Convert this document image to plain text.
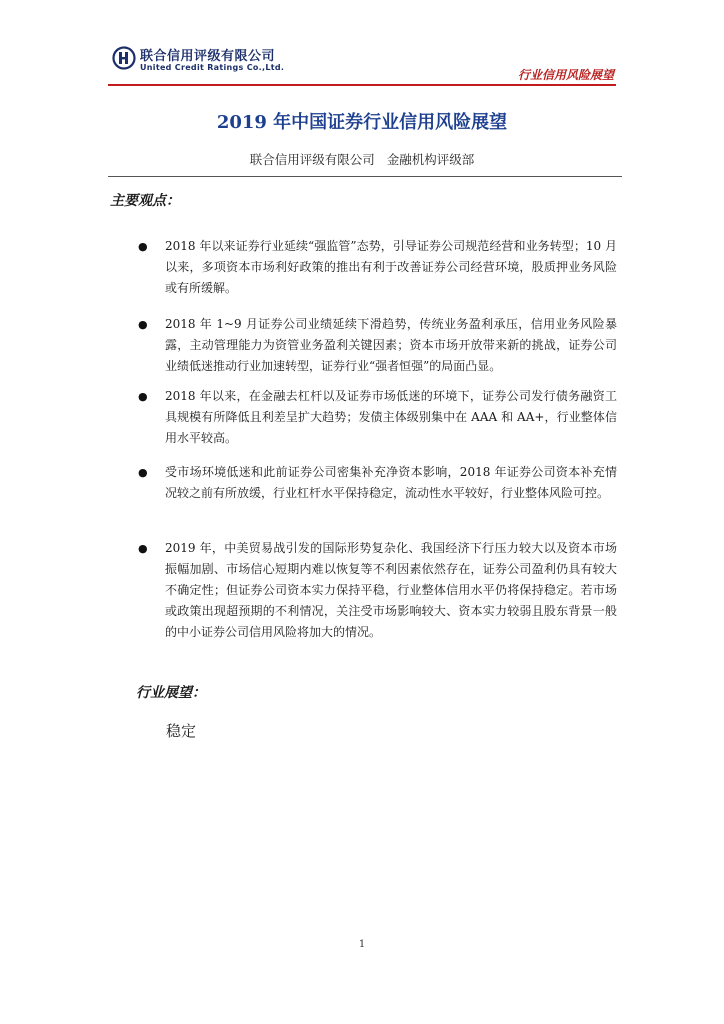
联合信用评级有限公司
United Credit Ratings Co.,Ltd.
行业信用风险展望
2019 年中国证券行业信用风险展望
联合信用评级有限公司 金融机构评级部
主要观点：
● 2018 年以来证券行业延续“强监管”态势，引导证券公司规范经营和业务转型；10 月以来，多项资本市场利好政策的推出有利于改善证券公司经营环境，股质押业务风险或有所缓解。
● 2018 年 1~9 月证券公司业绩延续下滑趋势，传统业务盈利承压，信用业务风险暴露，主动管理能力为资管业务盈利关键因素；资本市场开放带来新的挑战，证券公司业绩低迷推动行业加速转型，证券行业“强者恒强”的局面凸显。
● 2018 年以来，在金融去杠杆以及证券市场低迷的环境下，证券公司发行债务融资工具规模有所降低且利差呈扩大趋势；发债主体级别集中在 AAA 和 AA+，行业整体信用水平较高。
● 受市场环境低迷和此前证券公司密集补充净资本影响，2018 年证券公司资本补充情况较之前有所放缓，行业杠杆水平保持稳定，流动性水平较好，行业整体风险可控。
● 2019 年，中美贸易战引发的国际形势复杂化、我国经济下行压力较大以及资本市场振幅加剧、市场信心短期内难以恢复等不利因素依然存在，证券公司盈利仍具有较大不确定性；但证券公司资本实力保持平稳，行业整体信用水平仍将保持稳定。若市场或政策出现超预期的不利情况，关注受市场影响较大、资本实力较弱且股东背景一般的中小证券公司信用风险将加大的情况。
行业展望：
稳定
1
